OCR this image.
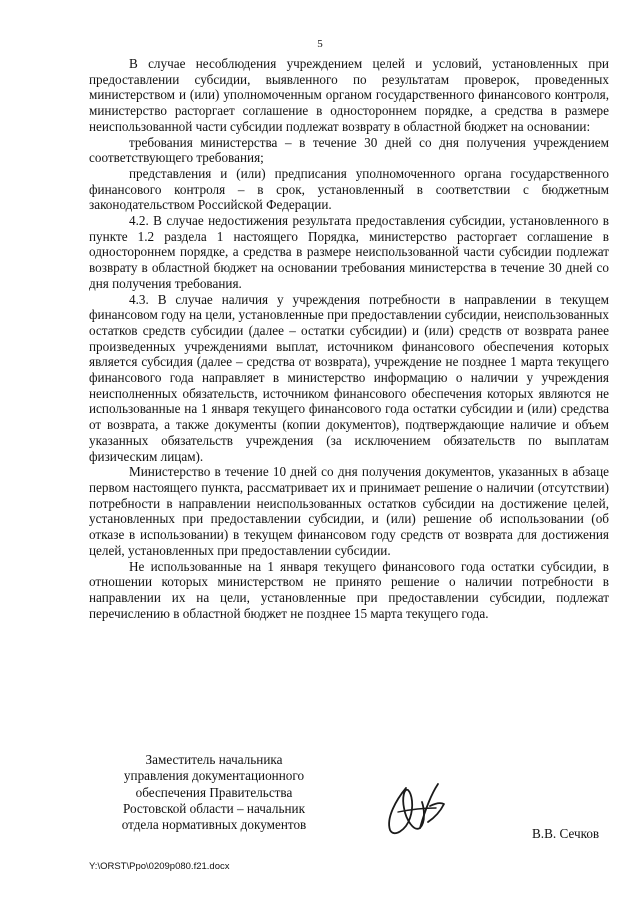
5

В случае несоблюдения учреждением целей и условий, установленных при предоставлении субсидии, выявленного по результатам проверок, проведенных министерством и (или) уполномоченным органом государственного финансового контроля, министерство расторгает соглашение в одностороннем порядке, а средства в размере неиспользованной части субсидии подлежат возврату в областной бюджет на основании:

требования министерства – в течение 30 дней со дня получения учреждением соответствующего требования;

представления и (или) предписания уполномоченного органа государственного финансового контроля – в срок, установленный в соответствии с бюджетным законодательством Российской Федерации.

4.2. В случае недостижения результата предоставления субсидии, установленного в пункте 1.2 раздела 1 настоящего Порядка, министерство расторгает соглашение в одностороннем порядке, а средства в размере неиспользованной части субсидии подлежат возврату в областной бюджет на основании требования министерства в течение 30 дней со дня получения требования.

4.3. В случае наличия у учреждения потребности в направлении в текущем финансовом году на цели, установленные при предоставлении субсидии, неиспользованных остатков средств субсидии (далее – остатки субсидии) и (или) средств от возврата ранее произведенных учреждениями выплат, источником финансового обеспечения которых является субсидия (далее – средства от возврата), учреждение не позднее 1 марта текущего финансового года направляет в министерство информацию о наличии у учреждения неисполненных обязательств, источником финансового обеспечения которых являются не использованные на 1 января текущего финансового года остатки субсидии и (или) средства от возврата, а также документы (копии документов), подтверждающие наличие и объем указанных обязательств учреждения (за исключением обязательств по выплатам физическим лицам).

Министерство в течение 10 дней со дня получения документов, указанных в абзаце первом настоящего пункта, рассматривает их и принимает решение о наличии (отсутствии) потребности в направлении неиспользованных остатков субсидии на достижение целей, установленных при предоставлении субсидии, и (или) решение об использовании (об отказе в использовании) в текущем финансовом году средств от возврата для достижения целей, установленных при предоставлении субсидии.

Не использованные на 1 января текущего финансового года остатки субсидии, в отношении которых министерством не принято решение о наличии потребности в направлении их на цели, установленные при предоставлении субсидии, подлежат перечислению в областной бюджет не позднее 15 марта текущего года.

Заместитель начальника
управления документационного
обеспечения Правительства
Ростовской области – начальник
отдела нормативных документов
В.В. Сечков
Y:\ORST\Ppo\0209p080.f21.docx
